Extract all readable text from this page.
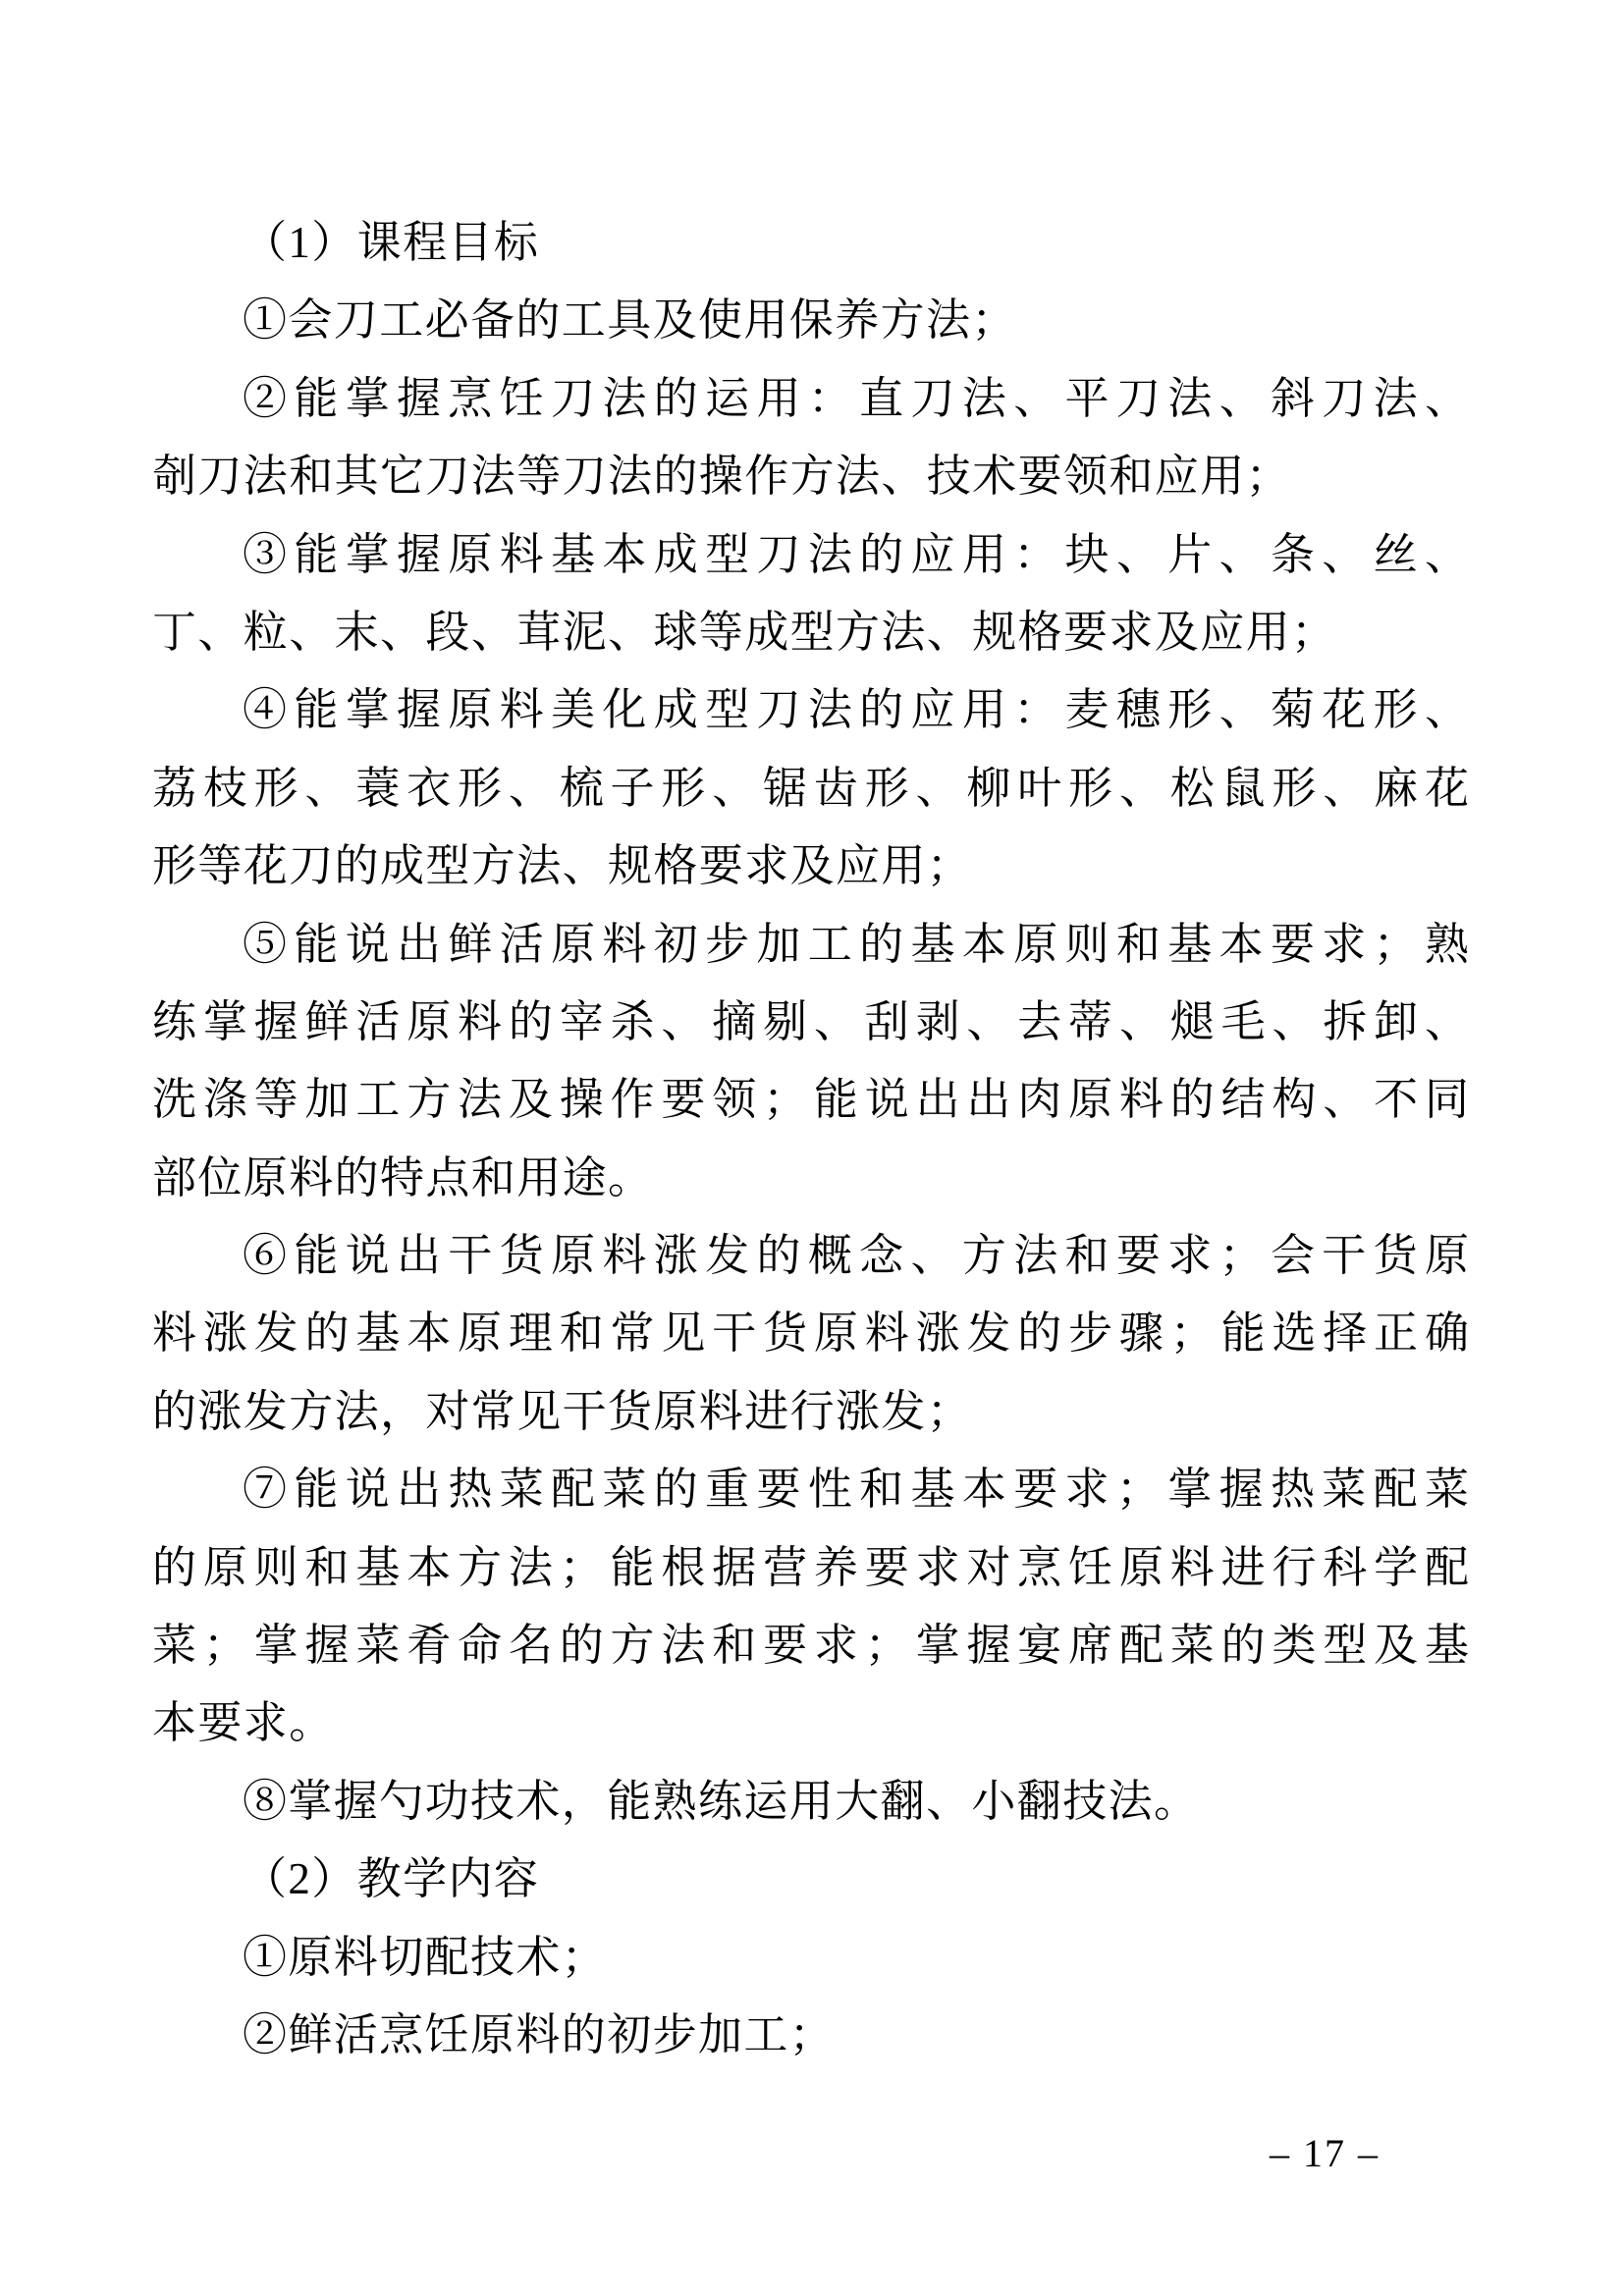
（1）课程目标
①会刀工必备的工具及使用保养方法；
②能掌握烹饪刀法的运用：直刀法、平刀法、斜刀法、
剞刀法和其它刀法等刀法的操作方法、技术要领和应用；
③能掌握原料基本成型刀法的应用：块、片、条、丝、
丁、粒、末、段、茸泥、球等成型方法、规格要求及应用；
④能掌握原料美化成型刀法的应用：麦穗形、菊花形、
荔枝形、蓑衣形、梳子形、锯齿形、柳叶形、松鼠形、麻花
形等花刀的成型方法、规格要求及应用；
⑤能说出鲜活原料初步加工的基本原则和基本要求；熟
练掌握鲜活原料的宰杀、摘剔、刮剥、去蒂、煺毛、拆卸、
洗涤等加工方法及操作要领；能说出出肉原料的结构、不同
部位原料的特点和用途。
⑥能说出干货原料涨发的概念、方法和要求；会干货原
料涨发的基本原理和常见干货原料涨发的步骤；能选择正确
的涨发方法，对常见干货原料进行涨发；
⑦能说出热菜配菜的重要性和基本要求；掌握热菜配菜
的原则和基本方法；能根据营养要求对烹饪原料进行科学配
菜；掌握菜肴命名的方法和要求；掌握宴席配菜的类型及基
本要求。
⑧掌握勺功技术，能熟练运用大翻、小翻技法。
（2）教学内容
①原料切配技术；
②鲜活烹饪原料的初步加工；
– 17 –
